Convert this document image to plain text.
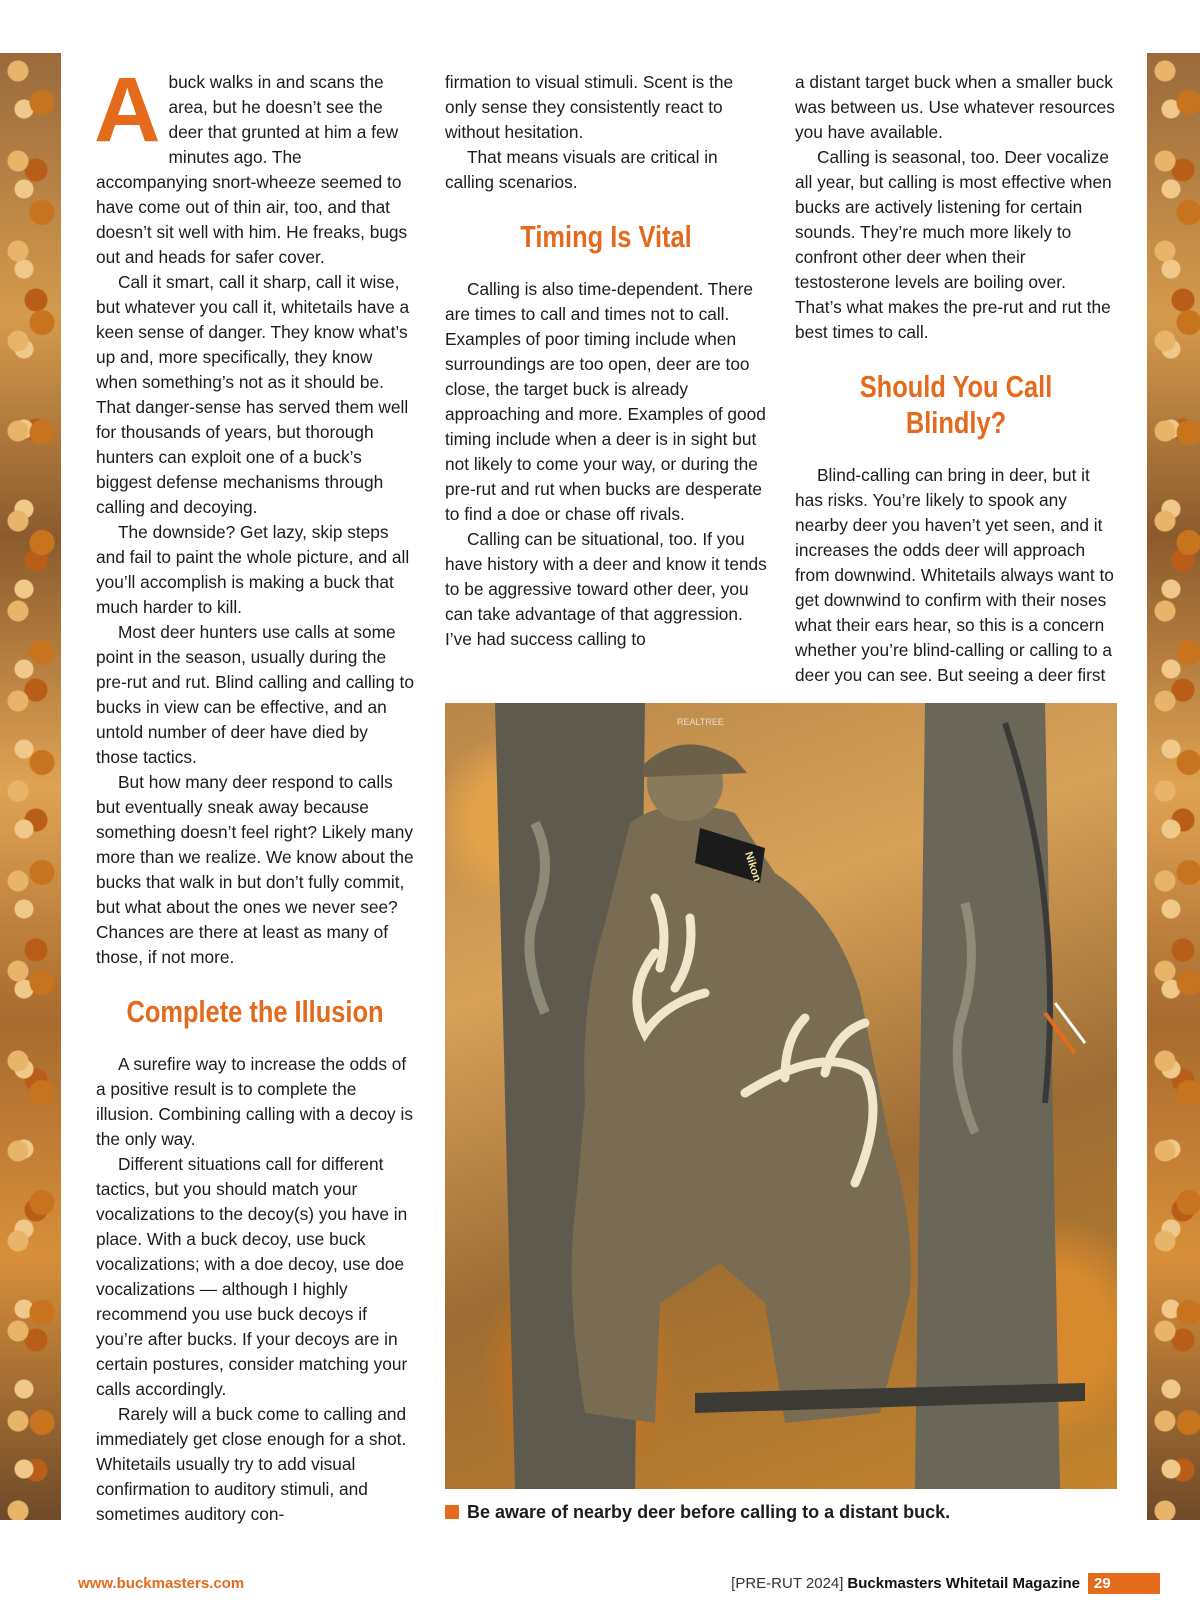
Abuck walks in and scans the area, but he doesn’t see the deer that grunted at him a few minutes ago. The accompanying snort-wheeze seemed to have come out of thin air, too, and that doesn’t sit well with him. He freaks, bugs out and heads for safer cover.

Call it smart, call it sharp, call it wise, but whatever you call it, whitetails have a keen sense of danger. They know what’s up and, more specifically, they know when something’s not as it should be. That danger-sense has served them well for thousands of years, but thorough hunters can exploit one of a buck’s biggest defense mechanisms through calling and decoying.

The downside? Get lazy, skip steps and fail to paint the whole picture, and all you’ll accomplish is making a buck that much harder to kill.

Most deer hunters use calls at some point in the season, usually during the pre-rut and rut. Blind calling and calling to bucks in view can be effective, and an untold number of deer have died by those tactics.

But how many deer respond to calls but eventually sneak away because something doesn’t feel right? Likely many more than we realize. We know about the bucks that walk in but don’t fully commit, but what about the ones we never see? Chances are there at least as many of those, if not more.

Complete the Illusion

A surefire way to increase the odds of a positive result is to complete the illusion. Combining calling with a decoy is the only way.

Different situations call for different tactics, but you should match your vocalizations to the decoy(s) you have in place. With a buck decoy, use buck vocalizations; with a doe decoy, use doe vocalizations — although I highly recommend you use buck decoys if you’re after bucks. If your decoys are in certain postures, consider matching your calls accordingly.

Rarely will a buck come to calling and immediately get close enough for a shot. Whitetails usually try to add visual confirmation to auditory stimuli, and sometimes auditory con-

firmation to visual stimuli. Scent is the only sense they consistently react to without hesitation.

That means visuals are critical in calling scenarios.

Timing Is Vital

Calling is also time-dependent. There are times to call and times not to call. Examples of poor timing include when surroundings are too open, deer are too close, the target buck is already approaching and more. Examples of good timing include when a deer is in sight but not likely to come your way, or during the pre-rut and rut when bucks are desperate to find a doe or chase off rivals.

Calling can be situational, too. If you have history with a deer and know it tends to be aggressive toward other deer, you can take advantage of that aggression. I’ve had success calling to

a distant target buck when a smaller buck was between us. Use whatever resources you have available.

Calling is seasonal, too. Deer vocalize all year, but calling is most effective when bucks are actively listening for certain sounds. They’re much more likely to confront other deer when their testosterone levels are boiling over. That’s what makes the pre-rut and rut the best times to call.

Should You Call Blindly?

Blind-calling can bring in deer, but it has risks. You’re likely to spook any nearby deer you haven’t yet seen, and it increases the odds deer will approach from downwind. Whitetails always want to get downwind to confirm with their noses what their ears hear, so this is a concern whether you’re blind-calling or calling to a deer you can see. But seeing a deer first

REALTREE
Nikon
Be aware of nearby deer before calling to a distant buck.
www.buckmasters.com	[PRE-RUT 2024] Buckmasters Whitetail Magazine 29
